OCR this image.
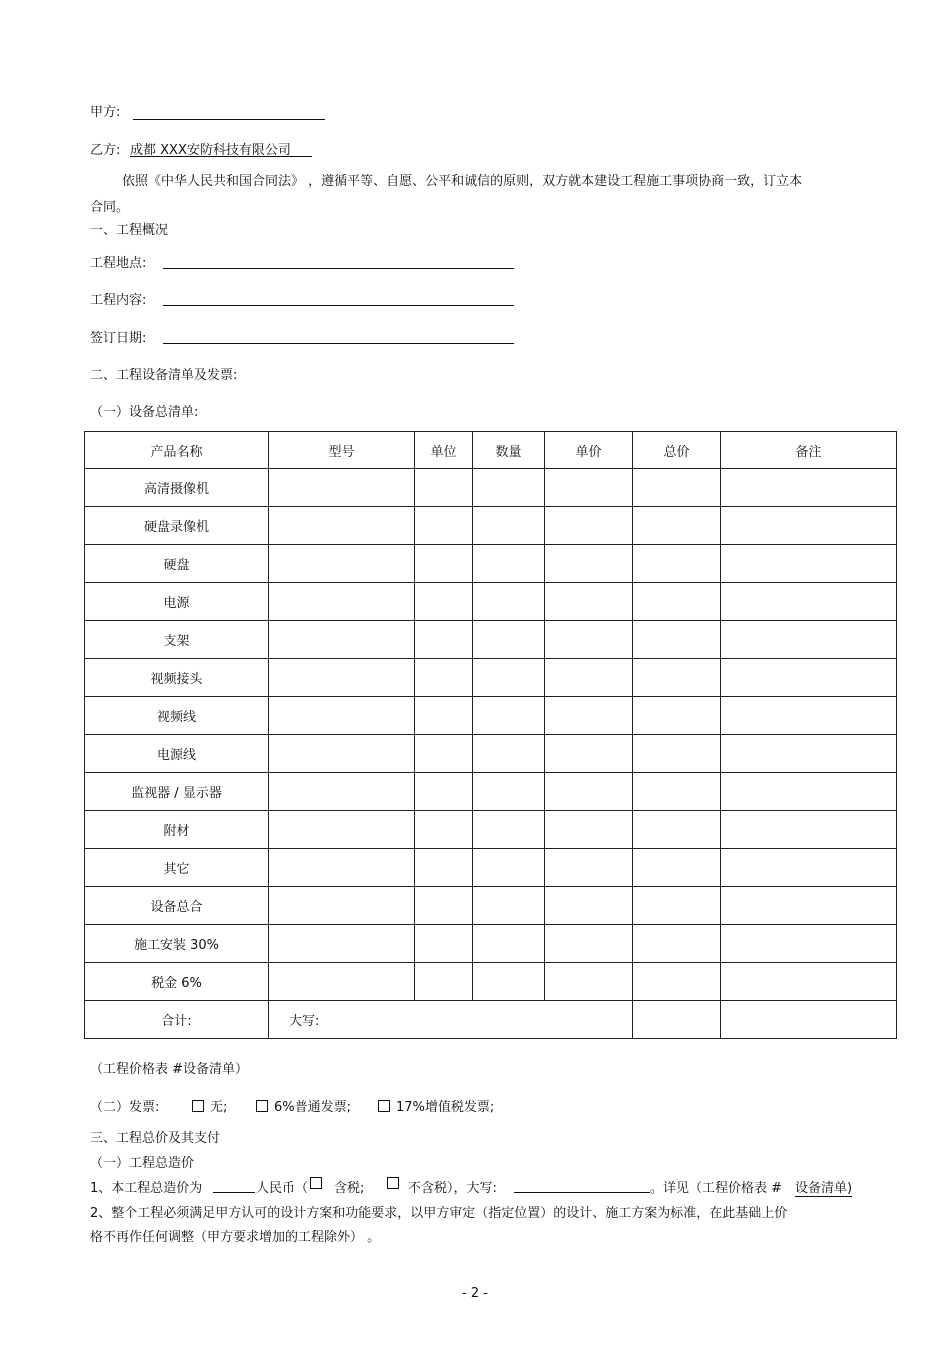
甲方:
乙方: 成都 XXX安防科技有限公司
依照《中华人民共和国合同法》 ，遵循平等、自愿、公平和诚信的原则，双方就本建设工程施工事项协商一致，订立本
合同。
一、工程概况
工程地点:
工程内容:
签订日期:
二、工程设备清单及发票:
（一）设备总清单:
产品名称	型号	单位	数量	单价	总价	备注
高清摄像机						
硬盘录像机						
硬盘						
电源						
支架						
视频接头						
视频线						
电源线						
监视器 / 显示器						
附材						
其它						
设备总合						
施工安装 30%						
税金 6%						
合计:	大写:					
（工程价格表 #设备清单）
（二）发票:	无;	6%普通发票;	17%增值税发票;
三、工程总价及其支付
（一）工程总造价
1、本工程总造价为	人民币（ 含税;	不含税），大写:	。详见（工程价格表 # 设备清单)
2、整个工程必须满足甲方认可的设计方案和功能要求，以甲方审定（指定位置）的设计、施工方案为标准，在此基础上价
格不再作任何调整（甲方要求增加的工程除外） 。
- 2 -
